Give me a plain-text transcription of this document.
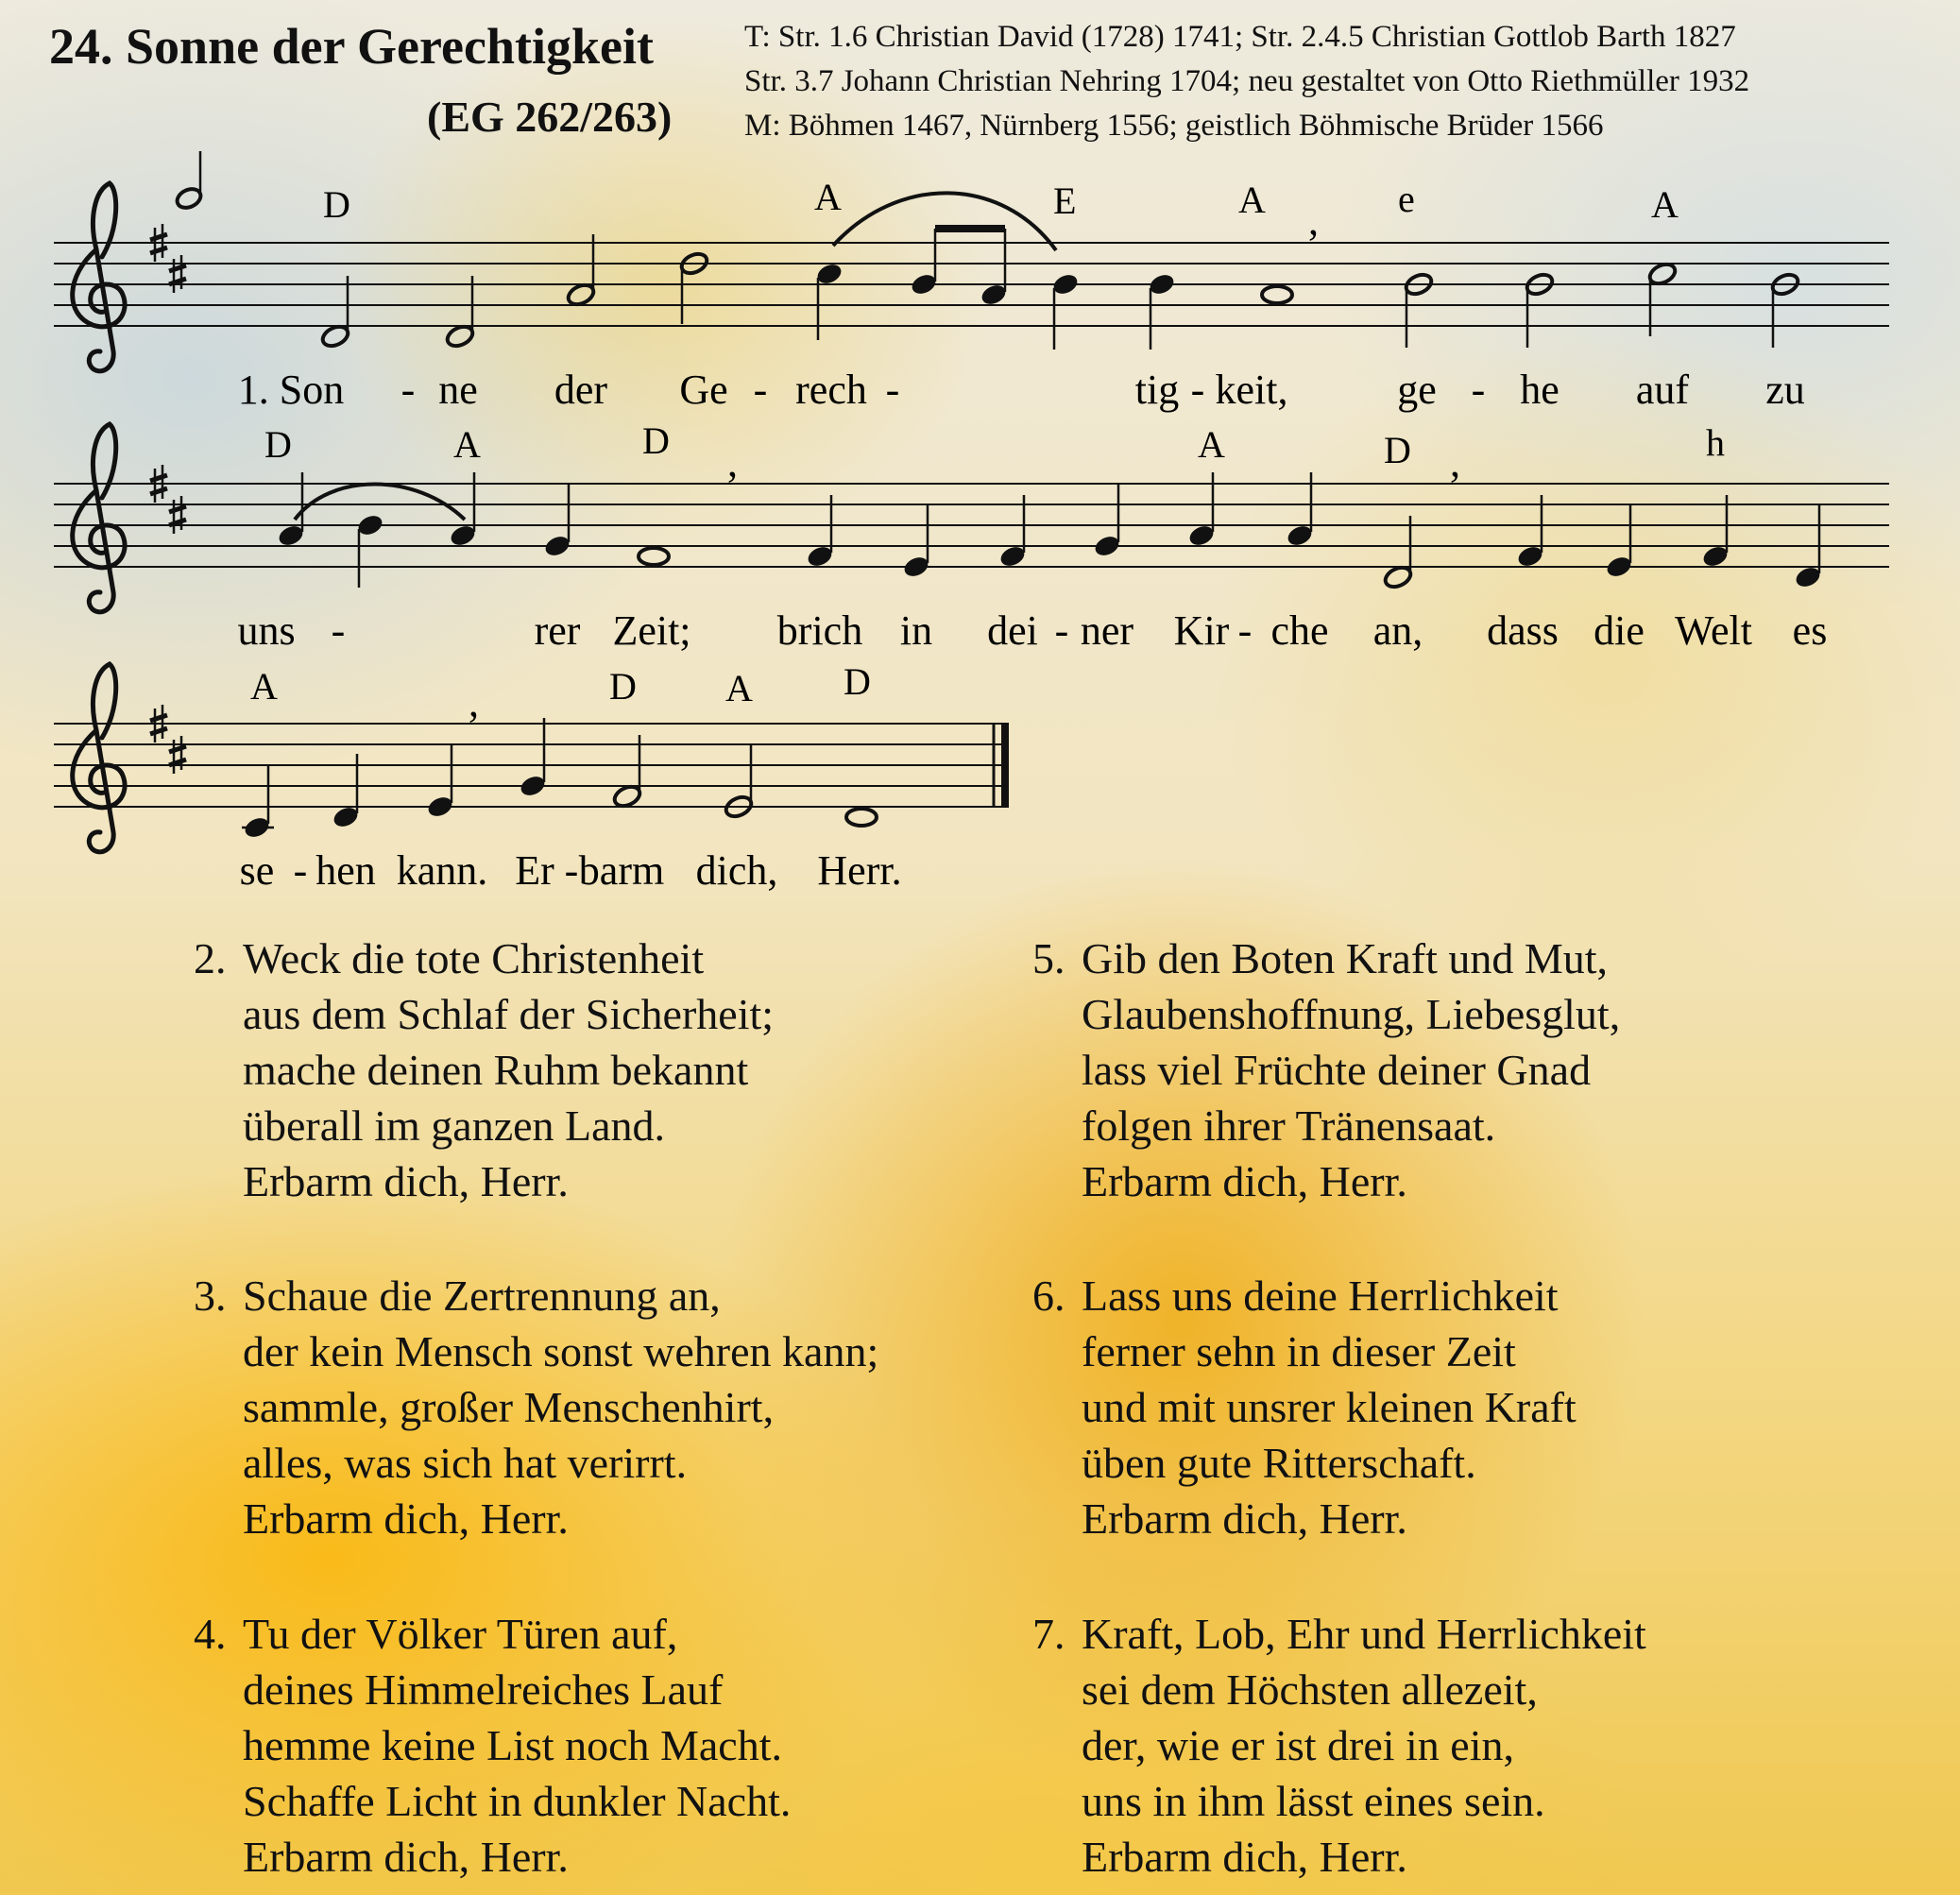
24. Sonne der Gerechtigkeit
(EG 262/263)
T: Str. 1.6 Christian David (1728) 1741; Str. 2.4.5 Christian Gottlob Barth 1827
Str. 3.7 Johann Christian Nehring 1704; neu gestaltet von Otto Riethmüller 1932
M: Böhmen 1467, Nürnberg 1556; geistlich Böhmische Brüder 1566
,
D	A	E	A	e	A
1. Son - ne der Ge - rech -	tig - keit,	ge - he auf zu
,	,
D	A	D	A	D	h
uns -	rer Zeit; brich in dei - ner Kir - che an, dass die Welt es
,
A	D A D
se - hen kann. Er - barm dich, Herr.
2. Weck die tote Christenheit
aus dem Schlaf der Sicherheit;
mache deinen Ruhm bekannt
überall im ganzen Land.
Erbarm dich, Herr.
3. Schaue die Zertrennung an,
der kein Mensch sonst wehren kann;
sammle, großer Menschenhirt,
alles, was sich hat verirrt.
Erbarm dich, Herr.
4. Tu der Völker Türen auf,
deines Himmelreiches Lauf
hemme keine List noch Macht.
Schaffe Licht in dunkler Nacht.
Erbarm dich, Herr.
5. Gib den Boten Kraft und Mut,
Glaubenshoffnung, Liebesglut,
lass viel Früchte deiner Gnad
folgen ihrer Tränensaat.
Erbarm dich, Herr.
6. Lass uns deine Herrlichkeit
ferner sehn in dieser Zeit
und mit unsrer kleinen Kraft
üben gute Ritterschaft.
Erbarm dich, Herr.
7. Kraft, Lob, Ehr und Herrlichkeit
sei dem Höchsten allezeit,
der, wie er ist drei in ein,
uns in ihm lässt eines sein.
Erbarm dich, Herr.
